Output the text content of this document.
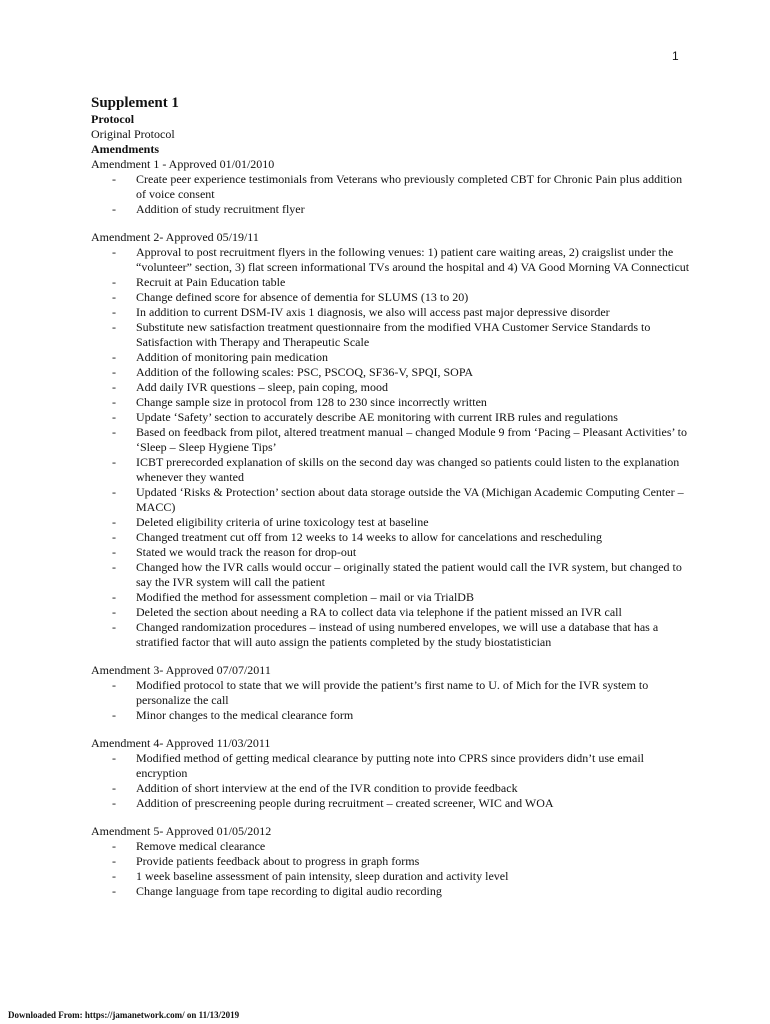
1
Supplement 1
Protocol
Original Protocol
Amendments
Amendment 1 - Approved 01/01/2010
- Create peer experience testimonials from Veterans who previously completed CBT for Chronic Pain plus addition of voice consent
- Addition of study recruitment flyer
Amendment 2- Approved 05/19/11
- Approval to post recruitment flyers in the following venues: 1) patient care waiting areas, 2) craigslist under the “volunteer” section, 3) flat screen informational TVs around the hospital and 4) VA Good Morning VA Connecticut
- Recruit at Pain Education table
- Change defined score for absence of dementia for SLUMS (13 to 20)
- In addition to current DSM-IV axis 1 diagnosis, we also will access past major depressive disorder
- Substitute new satisfaction treatment questionnaire from the modified VHA Customer Service Standards to Satisfaction with Therapy and Therapeutic Scale
- Addition of monitoring pain medication
- Addition of the following scales: PSC, PSCOQ, SF36-V, SPQI, SOPA
- Add daily IVR questions – sleep, pain coping, mood
- Change sample size in protocol from 128 to 230 since incorrectly written
- Update ‘Safety’ section to accurately describe AE monitoring with current IRB rules and regulations
- Based on feedback from pilot, altered treatment manual – changed Module 9 from ‘Pacing – Pleasant Activities’ to ‘Sleep – Sleep Hygiene Tips’
- ICBT prerecorded explanation of skills on the second day was changed so patients could listen to the explanation whenever they wanted
- Updated ‘Risks & Protection’ section about data storage outside the VA (Michigan Academic Computing Center – MACC)
- Deleted eligibility criteria of urine toxicology test at baseline
- Changed treatment cut off from 12 weeks to 14 weeks to allow for cancelations and rescheduling
- Stated we would track the reason for drop-out
- Changed how the IVR calls would occur – originally stated the patient would call the IVR system, but changed to say the IVR system will call the patient
- Modified the method for assessment completion – mail or via TrialDB
- Deleted the section about needing a RA to collect data via telephone if the patient missed an IVR call
- Changed randomization procedures – instead of using numbered envelopes, we will use a database that has a stratified factor that will auto assign the patients completed by the study biostatistician
Amendment 3- Approved 07/07/2011
- Modified protocol to state that we will provide the patient’s first name to U. of Mich for the IVR system to personalize the call
- Minor changes to the medical clearance form
Amendment 4- Approved 11/03/2011
- Modified method of getting medical clearance by putting note into CPRS since providers didn’t use email encryption
- Addition of short interview at the end of the IVR condition to provide feedback
- Addition of prescreening people during recruitment – created screener, WIC and WOA
Amendment 5- Approved 01/05/2012
- Remove medical clearance
- Provide patients feedback about to progress in graph forms
- 1 week baseline assessment of pain intensity, sleep duration and activity level
- Change language from tape recording to digital audio recording
Downloaded From: https://jamanetwork.com/ on 11/13/2019
